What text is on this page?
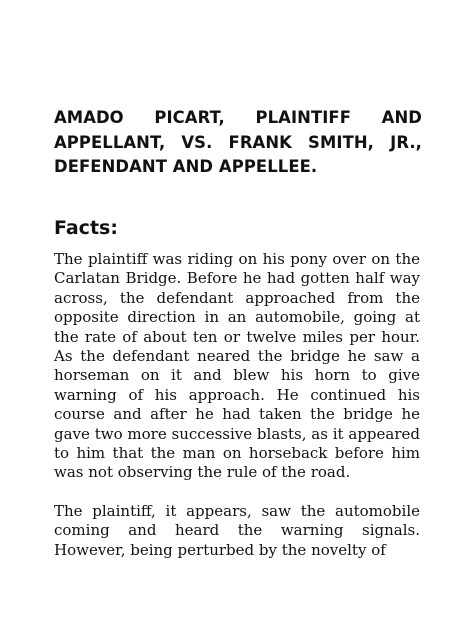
AMADO PICART, PLAINTIFF AND APPELLANT, VS. FRANK SMITH, JR., DEFENDANT AND APPELLEE.
Facts:

The plaintiff was riding on his pony over on the Carlatan Bridge. Before he had gotten half way across, the defendant approached from the opposite direction in an automobile, going at the rate of about ten or twelve miles per hour. As the defendant neared the bridge he saw a horseman on it and blew his horn to give warning of his approach. He continued his course and after he had taken the bridge he gave two more successive blasts, as it appeared to him that the man on horseback before him was not observing the rule of the road.

The plaintiff, it appears, saw the automobile coming and heard the warning signals. However, being perturbed by the novelty of
